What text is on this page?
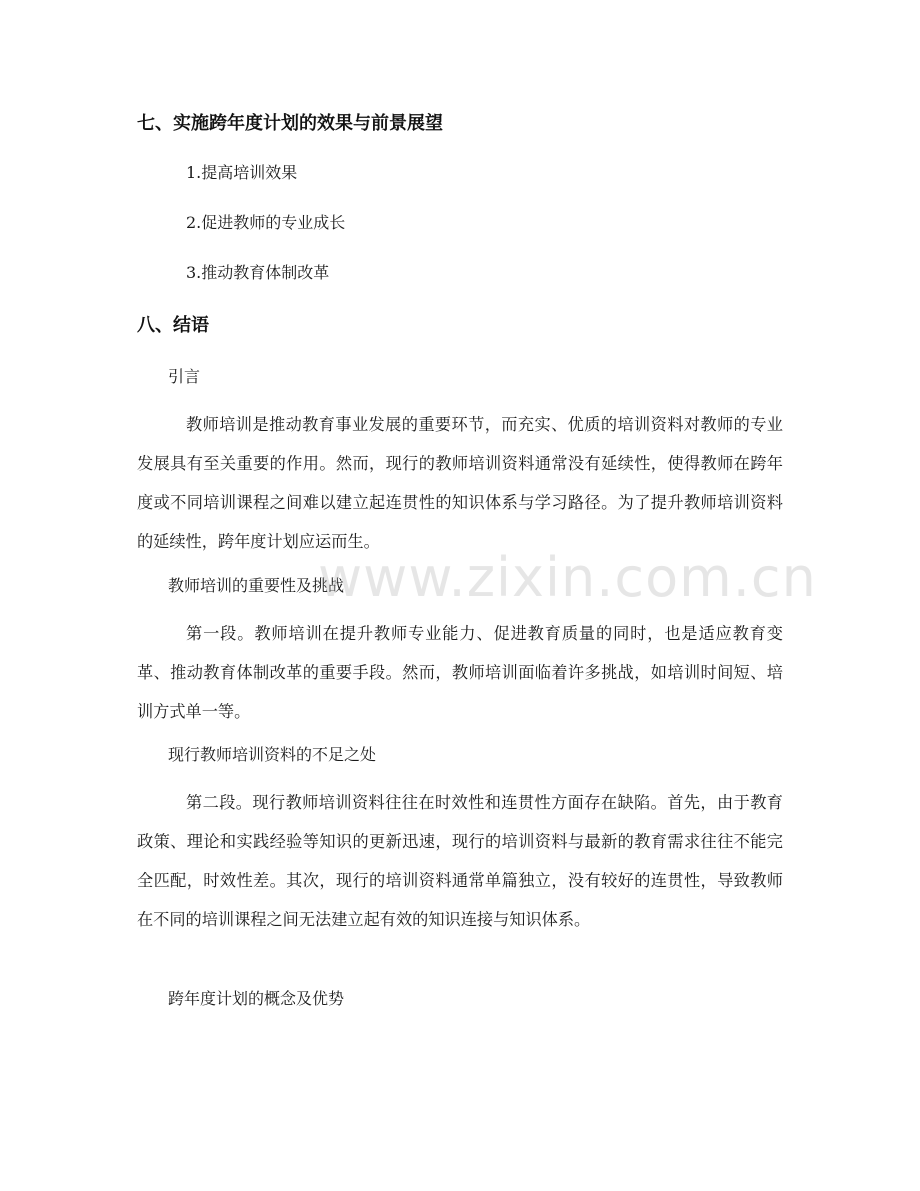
七、实施跨年度计划的效果与前景展望

1.提高培训效果

2.促进教师的专业成长

3.推动教育体制改革

八、结语

引言

教师培训是推动教育事业发展的重要环节，而充实、优质的培训资料对教师的专业发展具有至关重要的作用。然而，现行的教师培训资料通常没有延续性，使得教师在跨年度或不同培训课程之间难以建立起连贯性的知识体系与学习路径。为了提升教师培训资料的延续性，跨年度计划应运而生。

教师培训的重要性及挑战

第一段。教师培训在提升教师专业能力、促进教育质量的同时，也是适应教育变革、推动教育体制改革的重要手段。然而，教师培训面临着许多挑战，如培训时间短、培训方式单一等。

现行教师培训资料的不足之处

第二段。现行教师培训资料往往在时效性和连贯性方面存在缺陷。首先，由于教育政策、理论和实践经验等知识的更新迅速，现行的培训资料与最新的教育需求往往不能完全匹配，时效性差。其次，现行的培训资料通常单篇独立，没有较好的连贯性，导致教师在不同的培训课程之间无法建立起有效的知识连接与知识体系。

跨年度计划的概念及优势

www.zixin.com.cn
